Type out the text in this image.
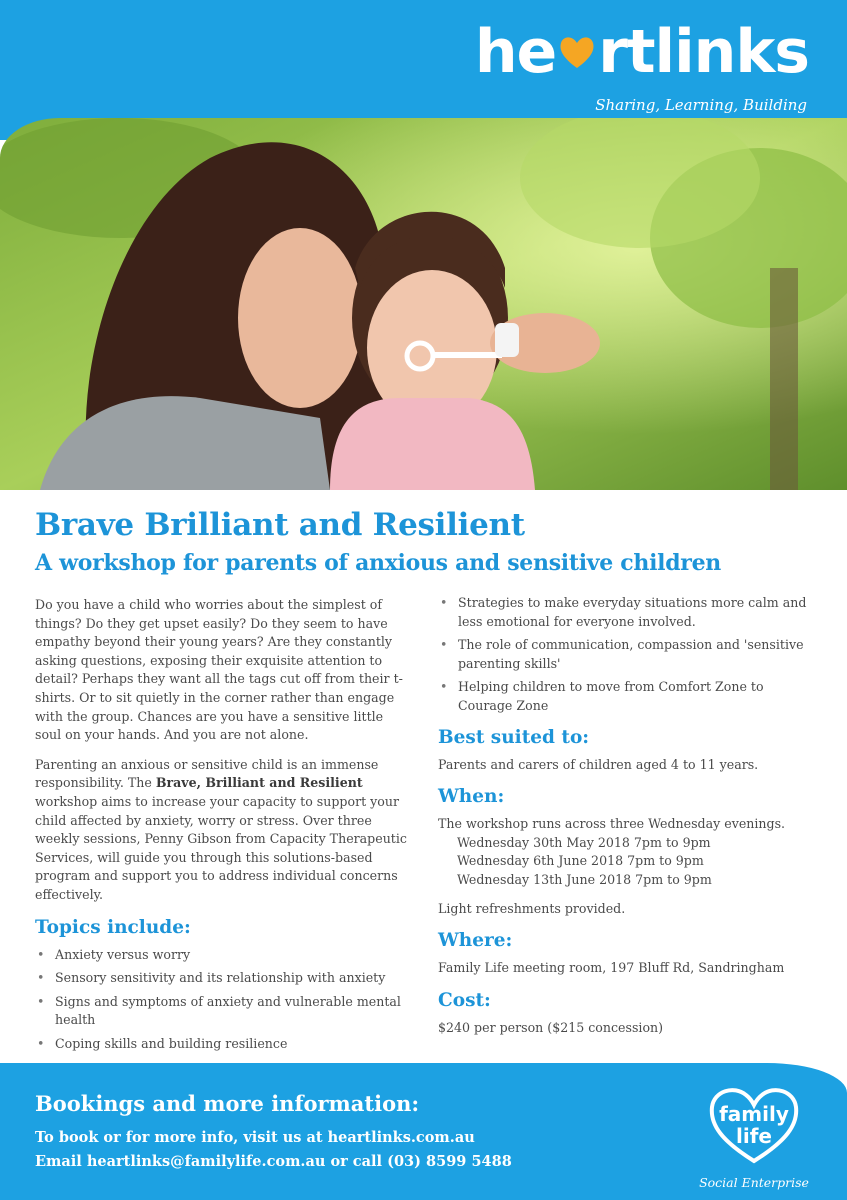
he rtlinks
Sharing, Learning, Building
Brave Brilliant and Resilient
A workshop for parents of anxious and sensitive children

Do you have a child who worries about the simplest of things? Do they get upset easily? Do they seem to have empathy beyond their young years? Are they constantly asking questions, exposing their exquisite attention to detail? Perhaps they want all the tags cut off from their t-shirts. Or to sit quietly in the corner rather than engage with the group. Chances are you have a sensitive little soul on your hands. And you are not alone.

Parenting an anxious or sensitive child is an immense responsibility. The Brave, Brilliant and Resilient workshop aims to increase your capacity to support your child affected by anxiety, worry or stress. Over three weekly sessions, Penny Gibson from Capacity Therapeutic Services, will guide you through this solutions-based program and support you to address individual concerns effectively.

Topics include:
• Anxiety versus worry
• Sensory sensitivity and its relationship with anxiety
• Signs and symptoms of anxiety and vulnerable mental health
• Coping skills and building resilience
• Strategies to make everyday situations more calm and less emotional for everyone involved.
• The role of communication, compassion and 'sensitive parenting skills'
• Helping children to move from Comfort Zone to Courage Zone
Best suited to:

Parents and carers of children aged 4 to 11 years.

When:
The workshop runs across three Wednesday evenings.
Wednesday 30th May 2018 7pm to 9pm
Wednesday 6th June 2018 7pm to 9pm
Wednesday 13th June 2018 7pm to 9pm

Light refreshments provided.

Where:

Family Life meeting room, 197 Bluff Rd, Sandringham

Cost:

$240 per person ($215 concession)

Bookings and more information:
To book or for more info, visit us at heartlinks.com.au
Email heartlinks@familylife.com.au or call (03) 8599 5488
family
life
Social Enterprise
